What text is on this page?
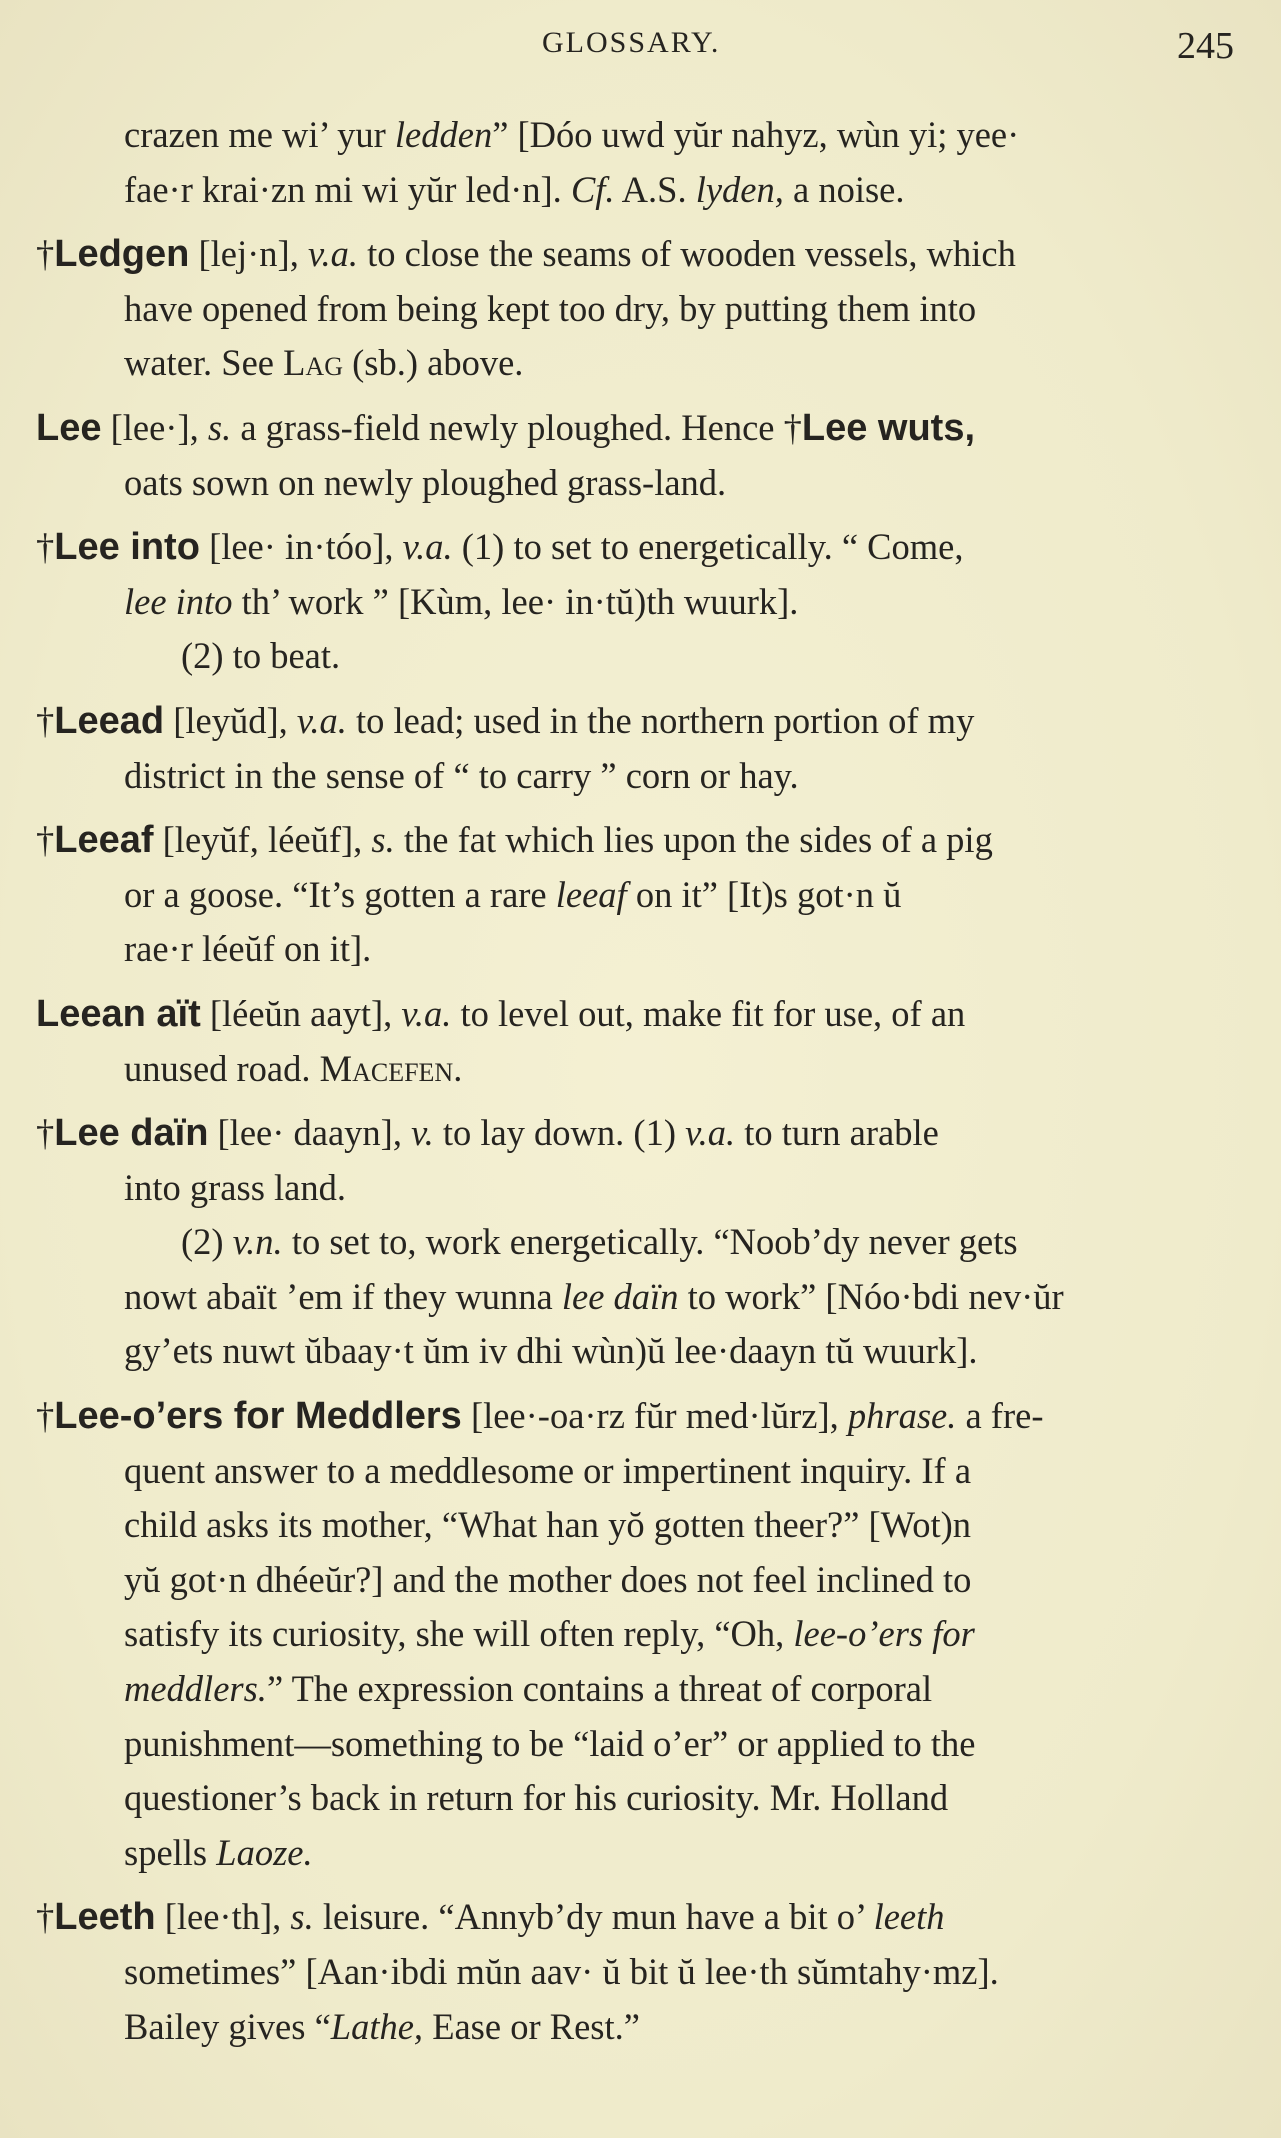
GLOSSARY.	245
crazen me wi’ yur ledden” [Dóo uwd yŭr nahyz, wùn yi; yee·
fae·r krai·zn mi wi yŭr led·n]. Cf. A.S. lyden, a noise.
†Ledgen [lej·n], v.a. to close the seams of wooden vessels, which
have opened from being kept too dry, by putting them into
water. See Lag (sb.) above.
Lee [lee·], s. a grass-field newly ploughed. Hence †Lee wuts,
oats sown on newly ploughed grass-land.
†Lee into [lee· in·tóo], v.a. (1) to set to energetically. “ Come,
lee into th’ work ” [Kùm, lee· in·tŭ)th wuurk].
(2) to beat.
†Leead [leyŭd], v.a. to lead; used in the northern portion of my
district in the sense of “ to carry ” corn or hay.
†Leeaf [leyŭf, léeŭf], s. the fat which lies upon the sides of a pig
or a goose. “It’s gotten a rare leeaf on it” [It)s got·n ŭ
rae·r léeŭf on it].
Leean aït [léeŭn aayt], v.a. to level out, make fit for use, of an
unused road. Macefen.
†Lee daïn [lee· daayn], v. to lay down. (1) v.a. to turn arable
into grass land.
(2) v.n. to set to, work energetically. “Noob’dy never gets
nowt abaït ’em if they wunna lee daïn to work” [Nóo·bdi nev·ŭr
gy’ets nuwt ŭbaay·t ŭm iv dhi wùn)ŭ lee·daayn tŭ wuurk].
†Lee-o’ers for Meddlers [lee·-oa·rz fŭr med·lŭrz], phrase. a fre-
quent answer to a meddlesome or impertinent inquiry. If a
child asks its mother, “What han yŏ gotten theer?” [Wot)n
yŭ got·n dhéeŭr?] and the mother does not feel inclined to
satisfy its curiosity, she will often reply, “Oh, lee-o’ers for
meddlers.” The expression contains a threat of corporal
punishment—something to be “laid o’er” or applied to the
questioner’s back in return for his curiosity. Mr. Holland
spells Laoze.
†Leeth [lee·th], s. leisure. “Annyb’dy mun have a bit o’ leeth
sometimes” [Aan·ibdi mŭn aav· ŭ bit ŭ lee·th sŭmtahy·mz].
Bailey gives “Lathe, Ease or Rest.”
